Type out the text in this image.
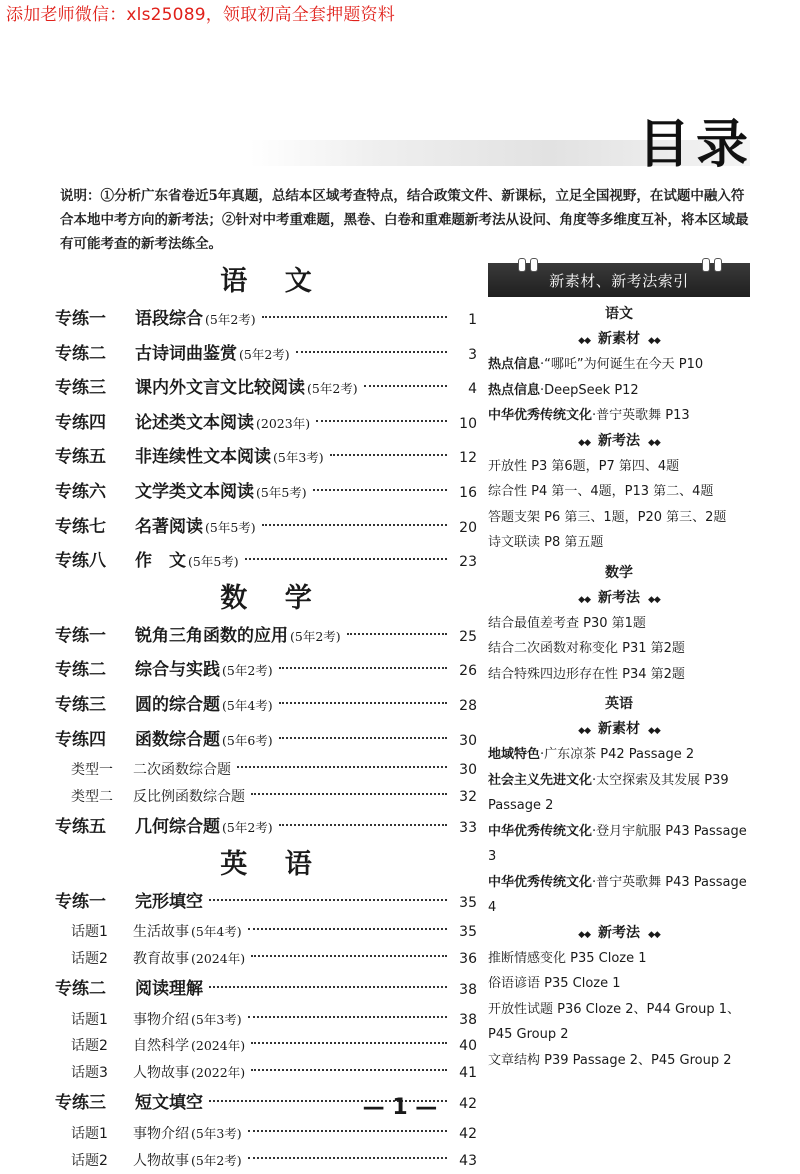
添加老师微信：xls25089，领取初高全套押题资料
目录
说明：①分析广东省卷近5年真题，总结本区域考查特点，结合政策文件、新课标，立足全国视野，在试题中融入符合本地中考方向的新考法；②针对中考重难题，黑卷、白卷和重难题新考法从设问、角度等多维度互补，将本区域最有可能考查的新考法练全。
语 文
专练一	语段综合 (5年2考)	1
专练二	古诗词曲鉴赏 (5年2考)	3
专练三	课内外文言文比较阅读 (5年2考)	4
专练四	论述类文本阅读 (2023年)	10
专练五	非连续性文本阅读 (5年3考)	12
专练六	文学类文本阅读 (5年5考)	16
专练七	名著阅读 (5年5考)	20
专练八	作　文 (5年5考)	23
数 学
专练一	锐角三角函数的应用 (5年2考)	25
专练二	综合与实践 (5年2考)	26
专练三	圆的综合题 (5年4考)	28
专练四	函数综合题 (5年6考)	30
类型一	二次函数综合题	30
类型二	反比例函数综合题	32
专练五	几何综合题 (5年2考)	33
英 语
专练一	完形填空	35
话题1	生活故事 (5年4考)	35
话题2	教育故事 (2024年)	36
专练二	阅读理解	38
话题1	事物介绍 (5年3考)	38
话题2	自然科学 (2024年)	40
话题3	人物故事 (2022年)	41
专练三	短文填空	42
话题1	事物介绍 (5年3考)	42
话题2	人物故事 (5年2考)	43
新素材、新考法索引
语文
◆◆ 新素材 ◆◆
热点信息·“哪吒”为何诞生在今天 P10
热点信息·DeepSeek P12
中华优秀传统文化·普宁英歌舞 P13
◆◆ 新考法 ◆◆
开放性 P3 第6题，P7 第四、4题
综合性 P4 第一、4题，P13 第二、4题
答题支架 P6 第三、1题，P20 第三、2题
诗文联读 P8 第五题
数学
◆◆ 新考法 ◆◆
结合最值差考查 P30 第1题
结合二次函数对称变化 P31 第2题
结合特殊四边形存在性 P34 第2题
英语
◆◆ 新素材 ◆◆
地域特色·广东凉茶 P42 Passage 2
社会主义先进文化·太空探索及其发展 P39 Passage 2
中华优秀传统文化·登月宇航服 P43 Passage 3
中华优秀传统文化·普宁英歌舞 P43 Passage 4
◆◆ 新考法 ◆◆
推断情感变化 P35 Cloze 1
俗语谚语 P35 Cloze 1
开放性试题 P36 Cloze 2、P44 Group 1、P45 Group 2
文章结构 P39 Passage 2、P45 Group 2
— 1 —
